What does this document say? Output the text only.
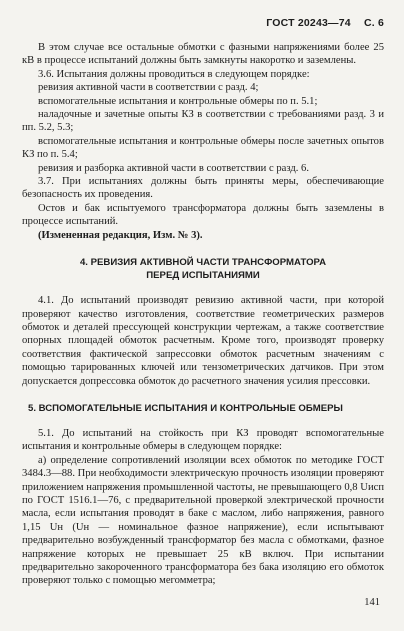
ГОСТ 20243—74 С. 6

В этом случае все остальные обмотки с фазными напряжениями более 25 кВ в процессе испытаний должны быть замкнуты накоротко и заземлены.

3.6. Испытания должны проводиться в следующем порядке:

ревизия активной части в соответствии с разд. 4;

вспомогательные испытания и контрольные обмеры по п. 5.1;

наладочные и зачетные опыты КЗ в соответствии с требованиями разд. 3 и пп. 5.2, 5.3;

вспомогательные испытания и контрольные обмеры после зачетных опытов КЗ по п. 5.4;

ревизия и разборка активной части в соответствии с разд. 6.

3.7. При испытаниях должны быть приняты меры, обеспечивающие безопасность их проведения.

Остов и бак испытуемого трансформатора должны быть заземлены в процессе испытаний.

(Измененная редакция, Изм. № 3).

4. РЕВИЗИЯ АКТИВНОЙ ЧАСТИ ТРАНСФОРМАТОРА
ПЕРЕД ИСПЫТАНИЯМИ

4.1. До испытаний производят ревизию активной части, при которой проверяют качество изготовления, соответствие геометрических размеров обмоток и деталей прессующей конструкции чертежам, а также соответствие опорных площадей обмоток расчетным. Кроме того, производят проверку соответствия фактической запрессовки обмоток расчетным значениям с помощью тарированных ключей или тензометрических датчиков. При этом допускается допрессовка обмоток до расчетного значения усилия прессовки.

5. ВСПОМОГАТЕЛЬНЫЕ ИСПЫТАНИЯ И КОНТРОЛЬНЫЕ ОБМЕРЫ

5.1. До испытаний на стойкость при КЗ проводят вспомогательные испытания и контрольные обмеры в следующем порядке:

а) определение сопротивлений изоляции всех обмоток по методике ГОСТ 3484.3—88. При необходимости электрическую прочность изоляции проверяют приложением напряжения промышленной частоты, не превышающего 0,8 Uисп по ГОСТ 1516.1—76, с предварительной проверкой электрической прочности масла, если испытания проводят в баке с маслом, либо напряжения, равного 1,15 Uн (Uн — номинальное фазное напряжение), если испытывают предварительно возбужденный трансформатор без масла с обмотками, фазное напряжение которых не превышает 25 кВ включ. При испытании предварительно закороченного трансформатора без бака изоляцию его обмоток проверяют только с помощью мегомметра;

141
